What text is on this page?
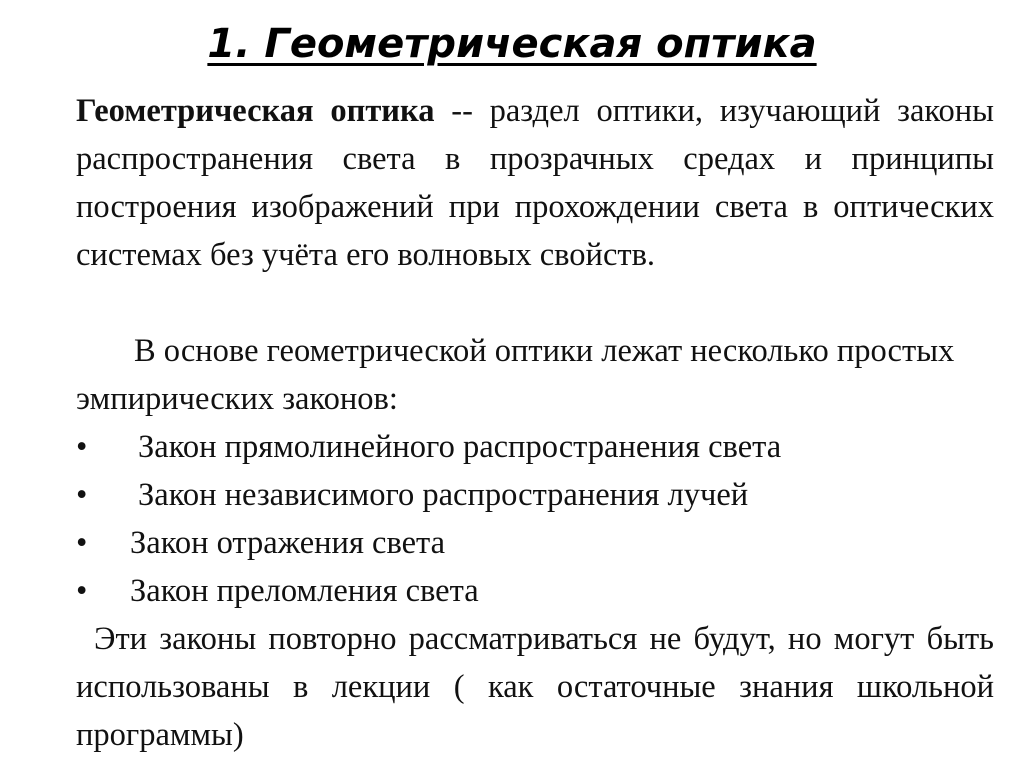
1. Геометрическая оптика

Геометрическая оптика -- раздел оптики, изучающий законы распространения света в прозрачных средах и принципы построения изображений при прохождении света в оптических системах без учёта его волновых свойств.

В основе геометрической оптики лежат несколько простых эмпирических законов:

• Закон прямолинейного распространения света
• Закон независимого распространения лучей
• Закон отражения света
• Закон преломления света

Эти законы повторно рассматриваться не будут, но могут быть использованы в лекции ( как остаточные знания школьной программы)
